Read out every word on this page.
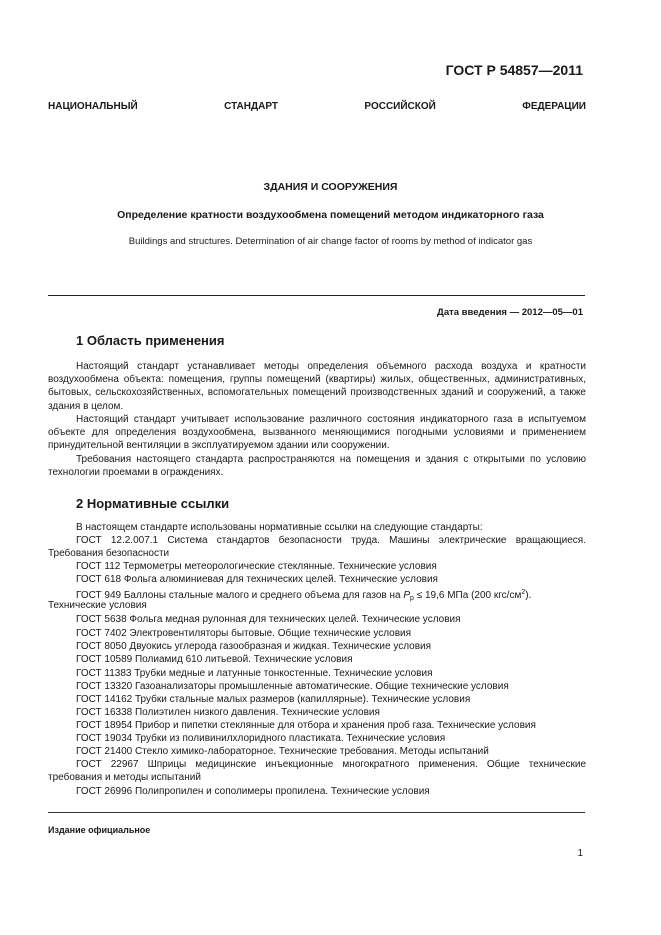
ГОСТ Р 54857—2011
НАЦИОНАЛЬНЫЙ	СТАНДАРТ	РОССИЙСКОЙ	ФЕДЕРАЦИИ
ЗДАНИЯ И СООРУЖЕНИЯ
Определение кратности воздухообмена помещений методом индикаторного газа
Buildings and structures. Determination of air change factor of rooms by method of indicator gas
Дата введения — 2012—05—01
1 Область применения
Настоящий стандарт устанавливает методы определения объемного расхода воздуха и кратности воздухообмена объекта: помещения, группы помещений (квартиры) жилых, общественных, административных, бытовых, сельскохозяйственных, вспомогательных помещений производственных зданий и сооружений, а также здания в целом.
Настоящий стандарт учитывает использование различного состояния индикаторного газа в испытуемом объекте для определения воздухообмена, вызванного меняющимися погодными условиями и применением принудительной вентиляции в эксплуатируемом здании или сооружении.
Требования настоящего стандарта распространяются на помещения и здания с открытыми по условию технологии проемами в ограждениях.
2 Нормативные ссылки
В настоящем стандарте использованы нормативные ссылки на следующие стандарты:
ГОСТ 12.2.007.1 Система стандартов безопасности труда. Машины электрические вращающиеся. Требования безопасности
ГОСТ 112 Термометры метеорологические стеклянные. Технические условия
ГОСТ 618 Фольга алюминиевая для технических целей. Технические условия
ГОСТ 949 Баллоны стальные малого и среднего объема для газов на $P_р \le 19,6$ МПа (200 кгс/$см^2$).
Технические условия
ГОСТ 5638 Фольга медная рулонная для технических целей. Технические условия
ГОСТ 7402 Электровентиляторы бытовые. Общие технические условия
ГОСТ 8050 Двуокись углерода газообразная и жидкая. Технические условия
ГОСТ 10589 Полиамид 610 литьевой. Технические условия
ГОСТ 11383 Трубки медные и латунные тонкостенные. Технические условия
ГОСТ 13320 Газоанализаторы промышленные автоматические. Общие технические условия
ГОСТ 14162 Трубки стальные малых размеров (капиллярные). Технические условия
ГОСТ 16338 Полиэтилен низкого давления. Технические условия
ГОСТ 18954 Прибор и пипетки стеклянные для отбора и хранения проб газа. Технические условия
ГОСТ 19034 Трубки из поливинилхлоридного пластиката. Технические условия
ГОСТ 21400 Стекло химико-лабораторное. Технические требования. Методы испытаний
ГОСТ 22967 Шприцы медицинские инъекционные многократного применения. Общие технические требования и методы испытаний
ГОСТ 26996 Полипропилен и сополимеры пропилена. Технические условия
Издание официальное
1
